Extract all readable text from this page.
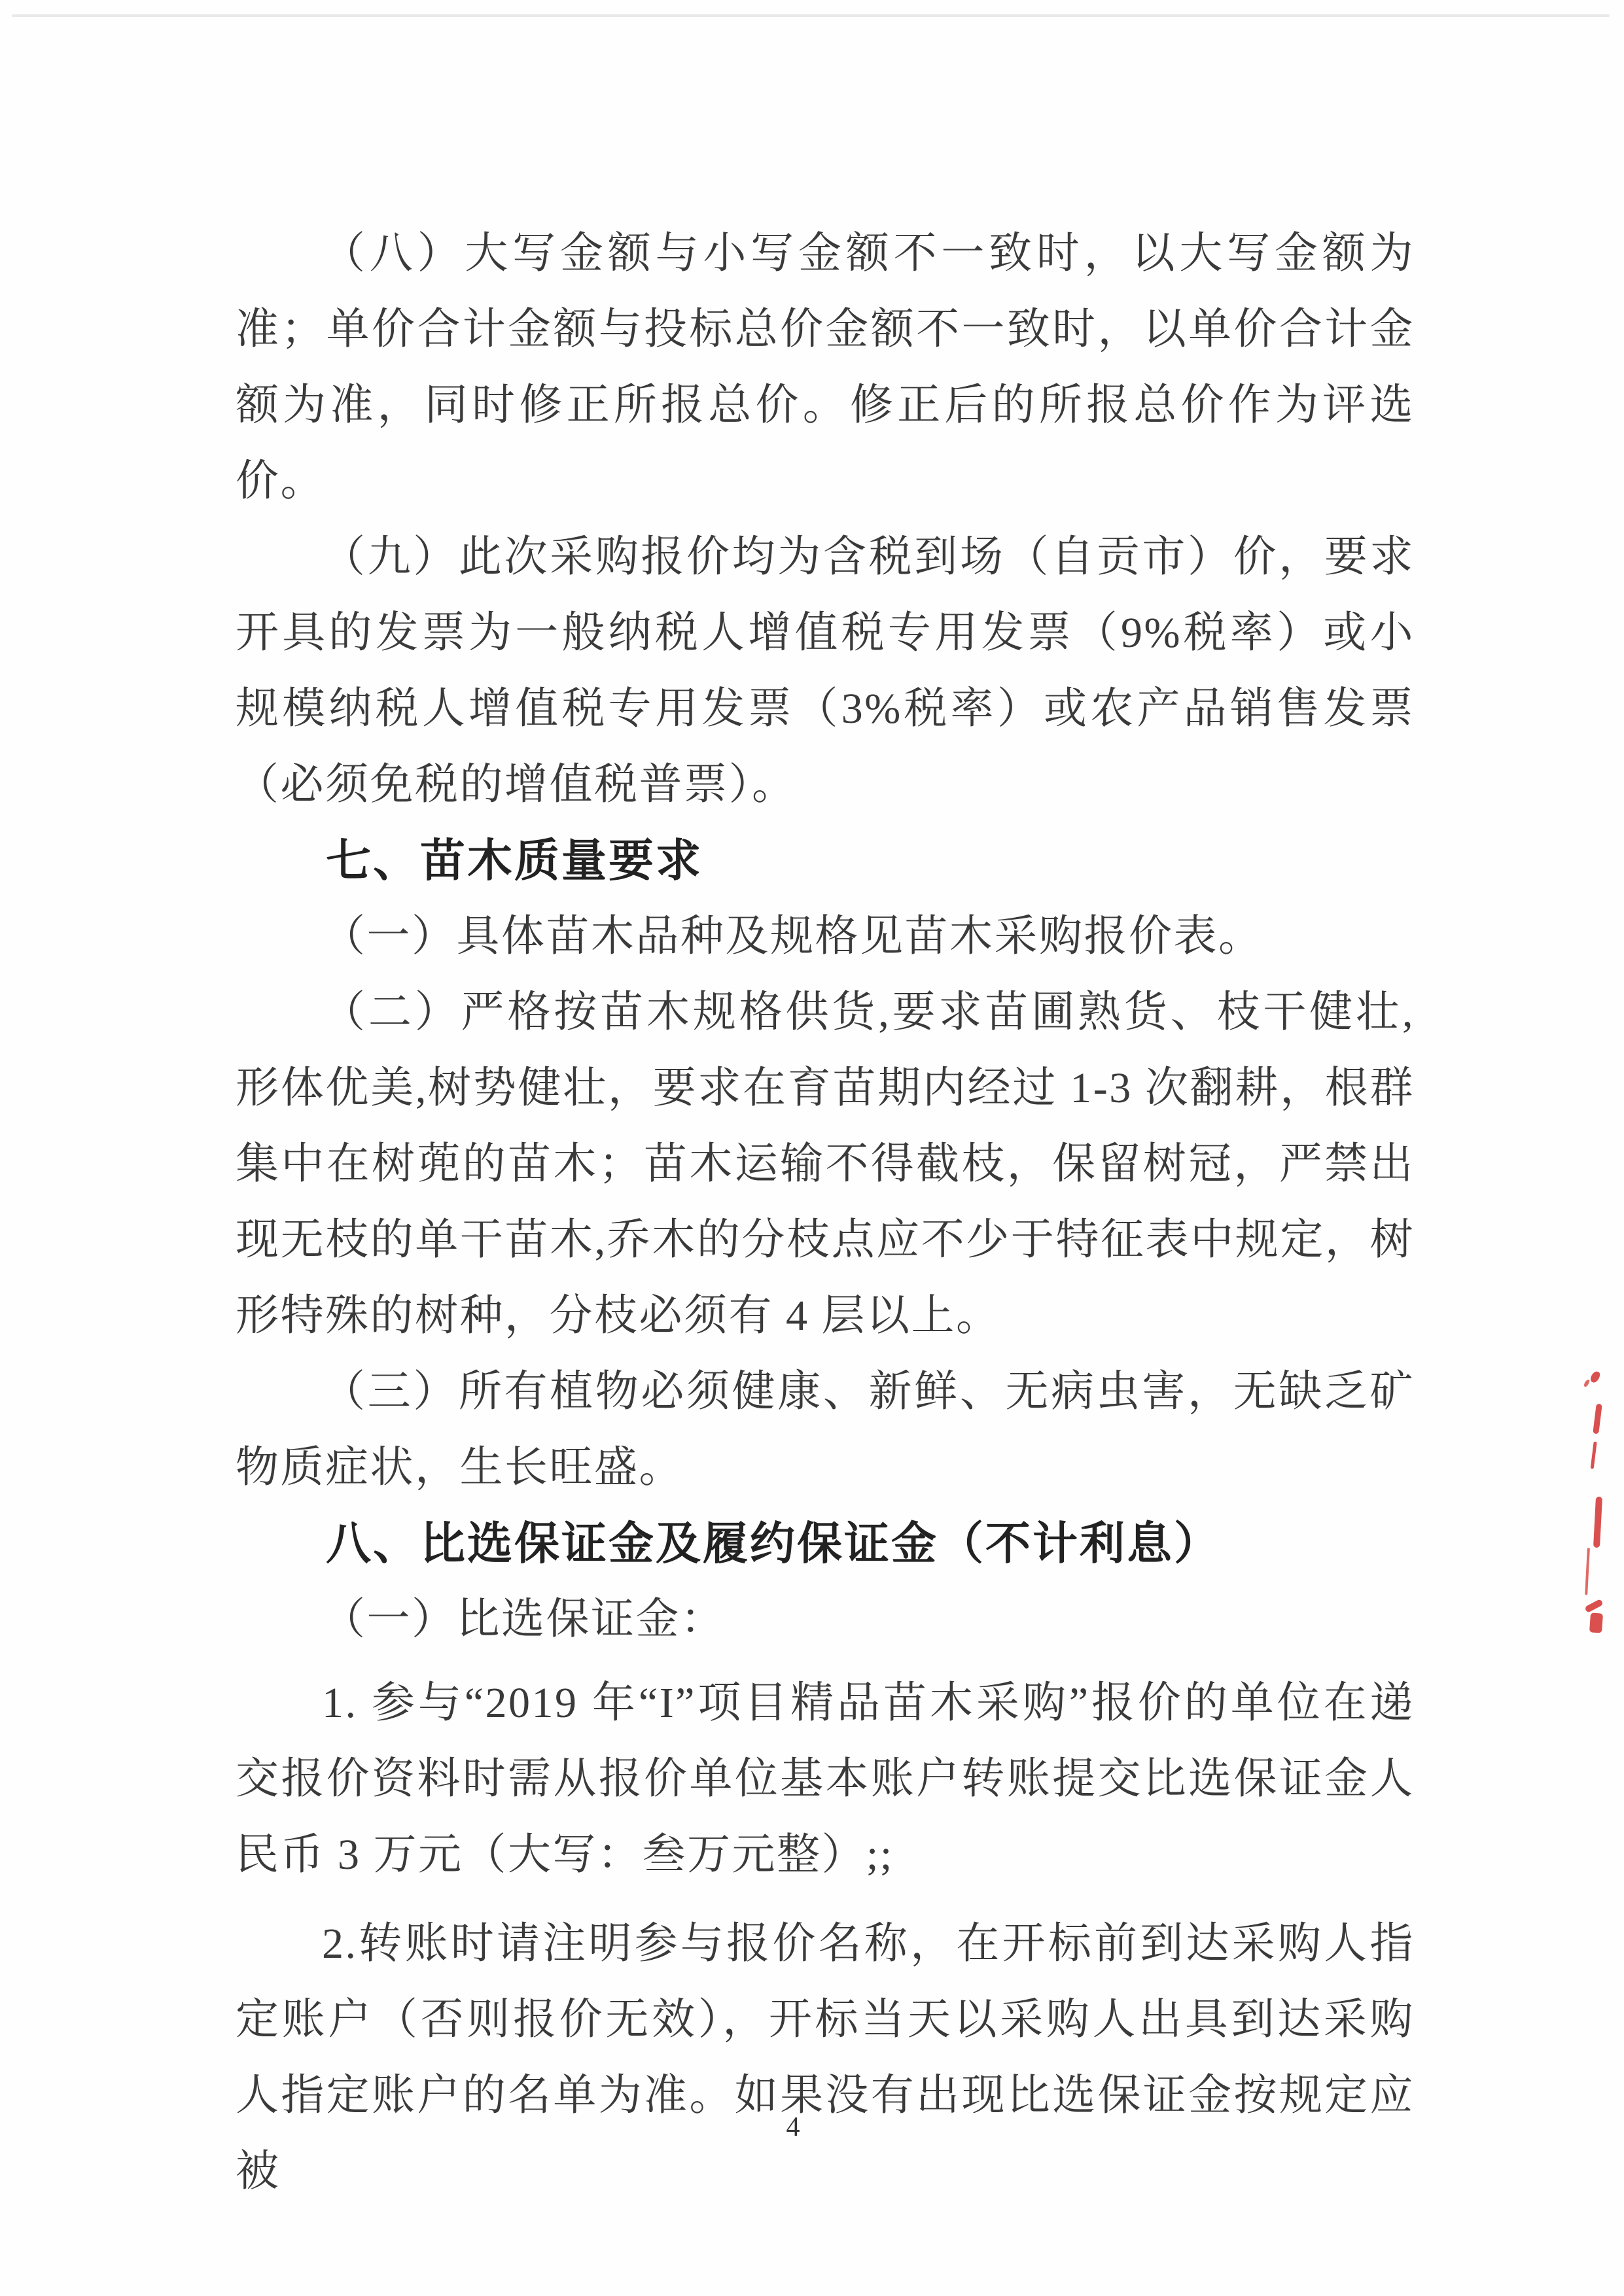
（八）大写金额与小写金额不一致时，以大写金额为准；单价合计金额与投标总价金额不一致时，以单价合计金额为准，同时修正所报总价。修正后的所报总价作为评选价。

（九）此次采购报价均为含税到场（自贡市）价，要求开具的发票为一般纳税人增值税专用发票（9%税率）或小规模纳税人增值税专用发票（3%税率）或农产品销售发票（必须免税的增值税普票）。

七、苗木质量要求

（一）具体苗木品种及规格见苗木采购报价表。

（二）严格按苗木规格供货,要求苗圃熟货、枝干健壮,形体优美,树势健壮，要求在育苗期内经过 1-3 次翻耕，根群集中在树蔸的苗木；苗木运输不得截枝，保留树冠，严禁出现无枝的单干苗木,乔木的分枝点应不少于特征表中规定，树形特殊的树种，分枝必须有 4 层以上。

（三）所有植物必须健康、新鲜、无病虫害，无缺乏矿物质症状，生长旺盛。

八、比选保证金及履约保证金（不计利息）

（一）比选保证金：

1. 参与“2019 年“I”项目精品苗木采购”报价的单位在递交报价资料时需从报价单位基本账户转账提交比选保证金人民币 3 万元（大写：叁万元整）;;

2.转账时请注明参与报价名称，在开标前到达采购人指定账户（否则报价无效），开标当天以采购人出具到达采购人指定账户的名单为准。如果没有出现比选保证金按规定应被

4
